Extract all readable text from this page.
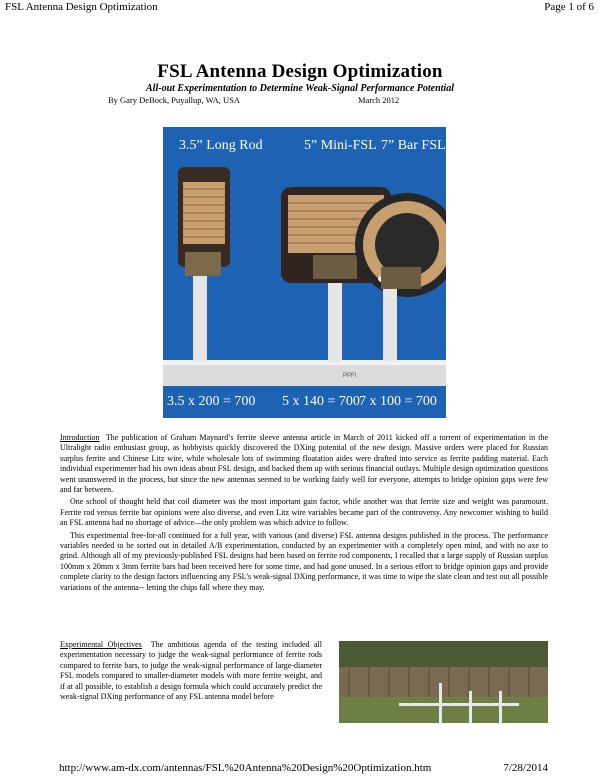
FSL Antenna Design Optimization	Page 1 of 6
FSL Antenna Design Optimization
All-out Experimentation to Determine Weak-Signal Performance Potential
By Gary DeBock, Puyallup, WA, USA	March 2012
3.5” Long Rod	5” Mini-FSL 7” Bar FSL
PPFI
3.5 x 200 = 700 5 x 140 = 700 7 x 100 = 700

Introduction The publication of Graham Maynard’s ferrite sleeve antenna article in March of 2011 kicked off a torrent of experimentation in the Ultralight radio enthusiast group, as hobbyists quickly discovered the DXing potential of the new design. Massive orders were placed for Russian surplus ferrite and Chinese Litz wire, while wholesale lots of swimming floatation aides were drafted into service as ferrite padding material. Each individual experimenter had his own ideas about FSL design, and backed them up with serious financial outlays. Multiple design optimization questions went unanswered in the process, but since the new antennas seemed to be working fairly well for everyone, attempts to bridge opinion gaps were few and far between.

One school of thought held that coil diameter was the most important gain factor, while another was that ferrite size and weight was paramount. Ferrite rod versus ferrite bar opinions were also diverse, and even Litz wire variables became part of the controversy. Any newcomer wishing to build an FSL antenna had no shortage of advice—the only problem was which advice to follow.

This experimental free-for-all continued for a full year, with various (and diverse) FSL antenna designs published in the process. The performance variables needed to be sorted out in detailed A/B experimentation, conducted by an experimenter with a completely open mind, and with no axe to grind. Although all of my previously-published FSL designs had been based on ferrite rod components, I recalled that a large supply of Russian surplus 100mm x 20mm x 3mm ferrite bars had been received here for some time, and had gone unused. In a serious effort to bridge opinion gaps and provide complete clarity to the design factors influencing any FSL’s weak-signal DXing performance, it was time to wipe the slate clean and test out all possible variations of the antenna-- letting the chips fall where they may.

Experimental Objectives The ambitious agenda of the testing included all experimentation necessary to judge the weak-signal performance of ferrite rods compared to ferrite bars, to judge the weak-signal performance of large-diameter FSL models compared to smaller-diameter models with more ferrite weight, and if at all possible, to establish a design formula which could accurately predict the weak-signal DXing performance of any FSL antenna model before
http://www.am-dx.com/antennas/FSL%20Antenna%20Design%20Optimization.htm	7/28/2014
